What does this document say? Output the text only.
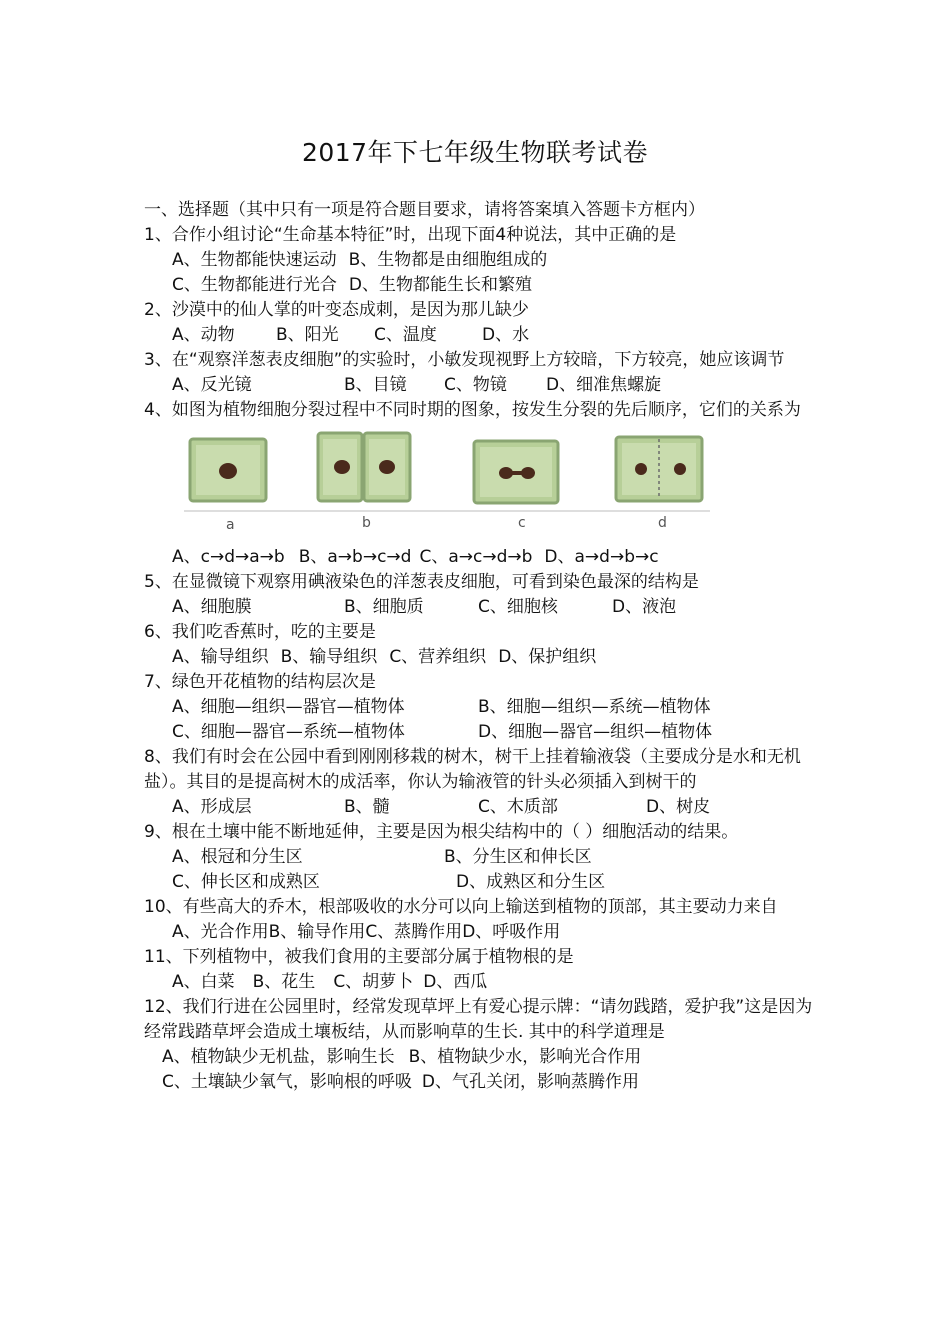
2017年下七年级生物联考试卷
一、选择题（其中只有一项是符合题目要求，请将答案填入答题卡方框内）
1、合作小组讨论“生命基本特征”时，出现下面4种说法，其中正确的是
A、生物都能快速运动 B、生物都是由细胞组成的
C、生物都能进行光合 D、生物都能生长和繁殖
2、沙漠中的仙人掌的叶变态成刺，是因为那儿缺少
A、动物 B、阳光 C、温度	D、水
3、在“观察洋葱表皮细胞”的实验时，小敏发现视野上方较暗，下方较亮，她应该调节
A、反光镜	B、目镜 C、物镜 D、细准焦螺旋
4、如图为植物细胞分裂过程中不同时期的图象，按发生分裂的先后顺序，它们的关系为
a	b	c	d
A、c→d→a→b B、a→b→c→d C、a→c→d→b D、a→d→b→c
5、在显微镜下观察用碘液染色的洋葱表皮细胞，可看到染色最深的结构是
A、细胞膜	B、细胞质	C、细胞核	D、液泡
6、我们吃香蕉时，吃的主要是
A、输导组织 B、输导组织 C、营养组织 D、保护组织
7、绿色开花植物的结构层次是
A、细胞—组织—器官—植物体	B、细胞—组织—系统—植物体
C、细胞—器官—系统—植物体	D、细胞—器官—组织—植物体
8、我们有时会在公园中看到刚刚移栽的树木，树干上挂着输液袋（主要成分是水和无机盐）。其目的是提高树木的成活率，你认为输液管的针头必须插入到树干的
A、形成层	B、髓	C、木质部	D、树皮
9、根在土壤中能不断地延伸，主要是因为根尖结构中的（ ）细胞活动的结果。
A、根冠和分生区	B、分生区和伸长区
C、伸长区和成熟区	D、成熟区和分生区
10、有些高大的乔木，根部吸收的水分可以向上输送到植物的顶部，其主要动力来自
A、光合作用B、输导作用C、蒸腾作用D、呼吸作用
11、下列植物中，被我们食用的主要部分属于植物根的是
A、白菜 B、花生 C、胡萝卜 D、西瓜
12、我们行进在公园里时，经常发现草坪上有爱心提示牌：“请勿践踏，爱护我”这是因为经常践踏草坪会造成土壤板结，从而影响草的生长. 其中的科学道理是
A、植物缺少无机盐，影响生长 B、植物缺少水，影响光合作用
C、土壤缺少氧气，影响根的呼吸 D、气孔关闭，影响蒸腾作用
